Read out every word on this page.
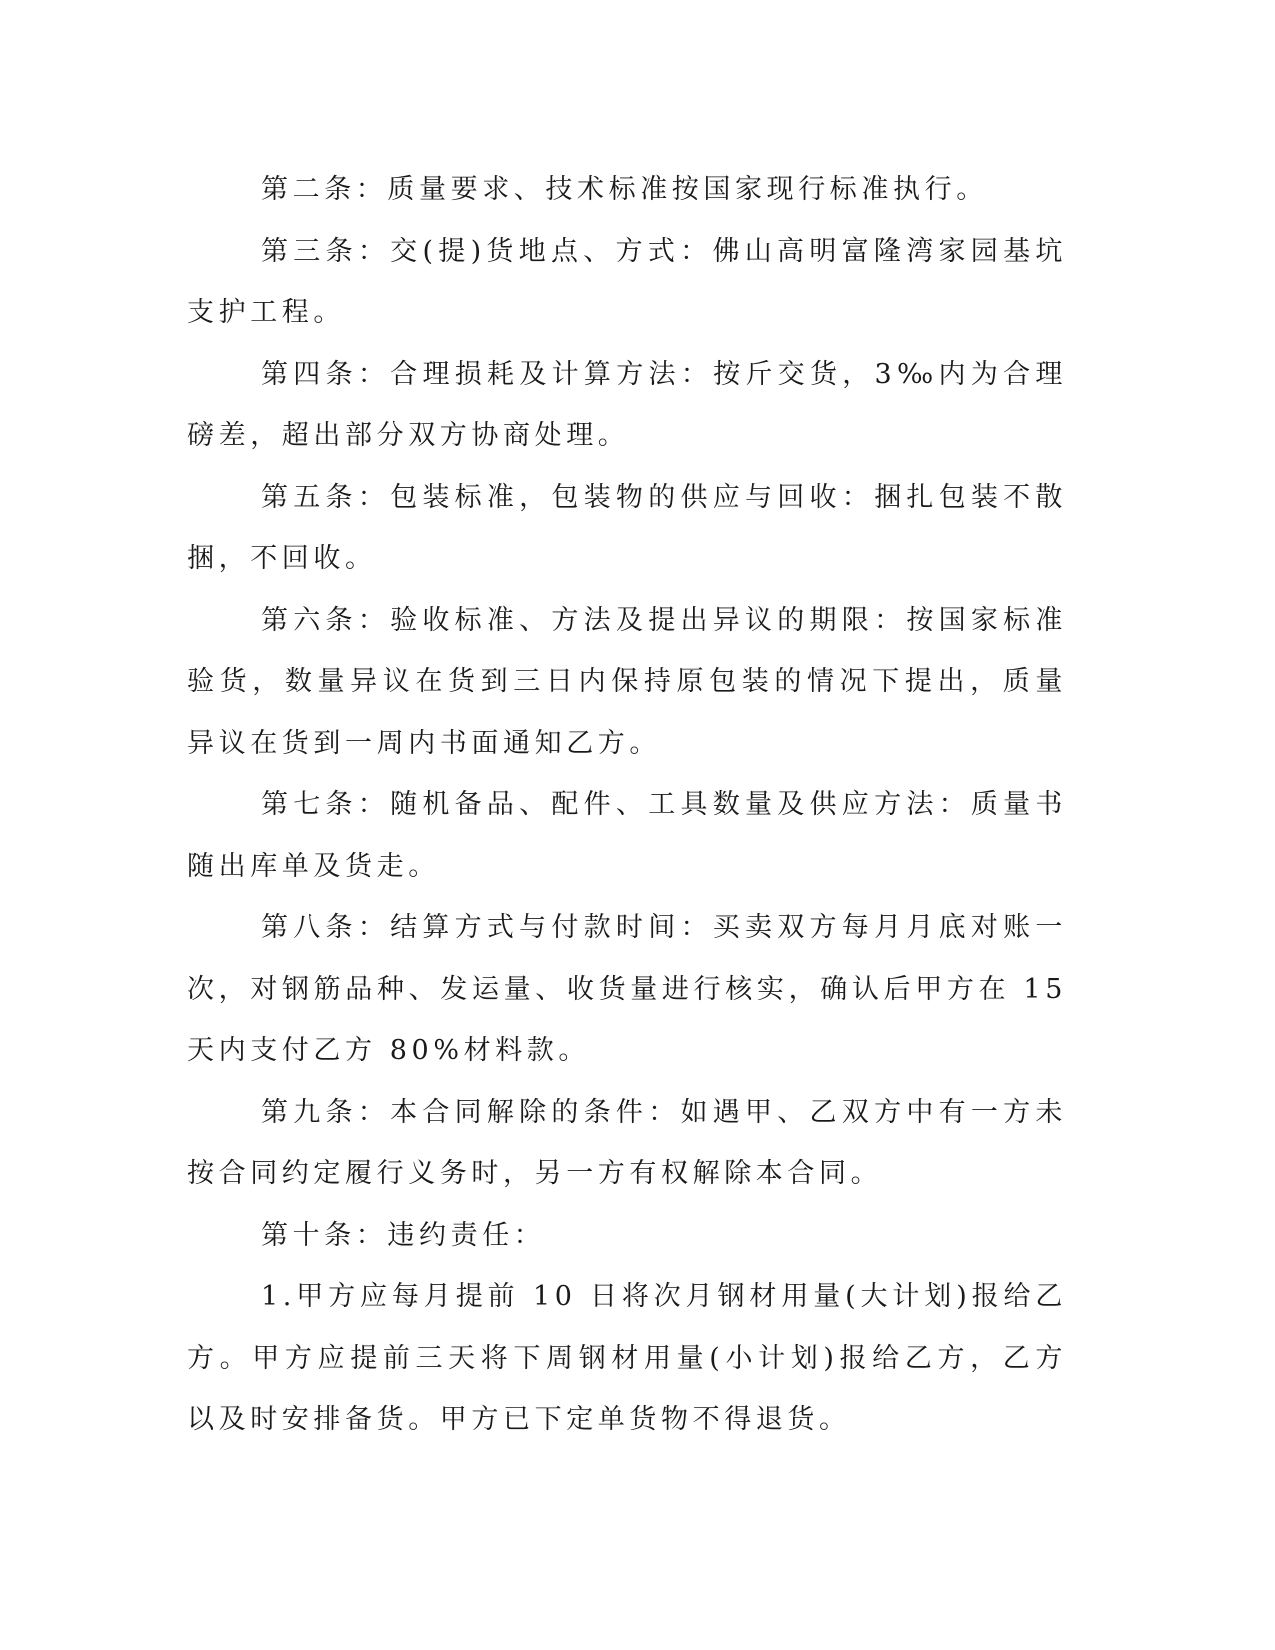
第二条：质量要求、技术标准按国家现行标准执行。

第三条：交(提)货地点、方式：佛山高明富隆湾家园基坑支护工程。

第四条：合理损耗及计算方法：按斤交货，3‰内为合理磅差，超出部分双方协商处理。

第五条：包装标准，包装物的供应与回收：捆扎包装不散捆，不回收。

第六条：验收标准、方法及提出异议的期限：按国家标准验货，数量异议在货到三日内保持原包装的情况下提出，质量异议在货到一周内书面通知乙方。

第七条：随机备品、配件、工具数量及供应方法：质量书随出库单及货走。

第八条：结算方式与付款时间：买卖双方每月月底对账一次，对钢筋品种、发运量、收货量进行核实，确认后甲方在 15 天内支付乙方 80%材料款。

第九条：本合同解除的条件：如遇甲、乙双方中有一方未按合同约定履行义务时，另一方有权解除本合同。

第十条：违约责任：

1.甲方应每月提前 10 日将次月钢材用量(大计划)报给乙方。甲方应提前三天将下周钢材用量(小计划)报给乙方，乙方以及时安排备货。甲方已下定单货物不得退货。
